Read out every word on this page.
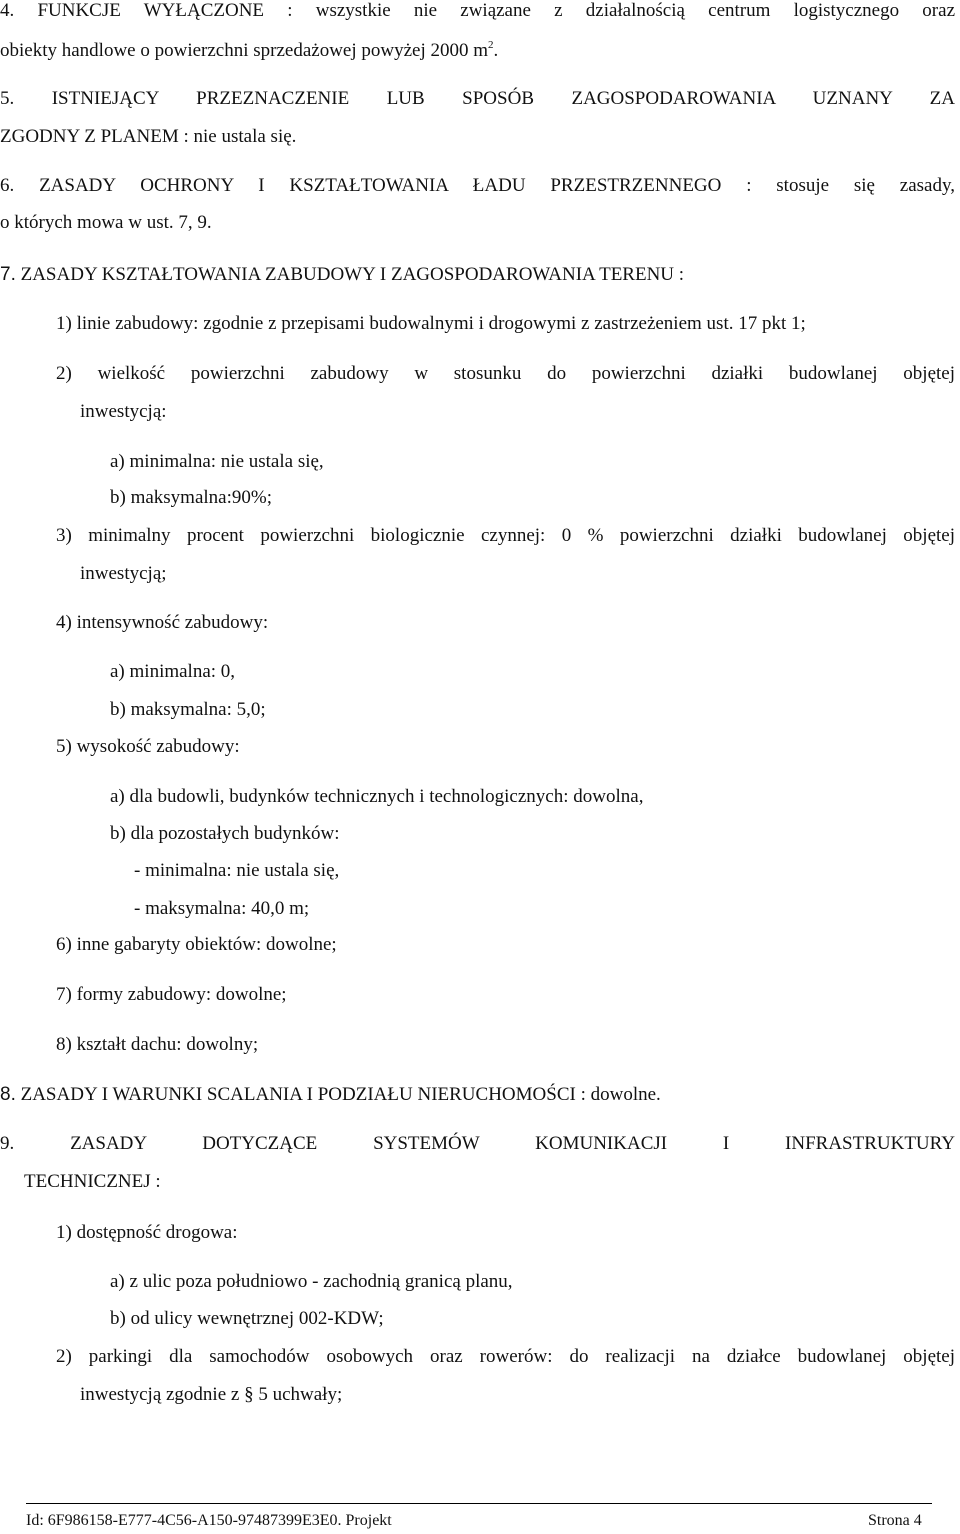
4. FUNKCJE WYŁĄCZONE : wszystkie nie związane z działalnością centrum logistycznego oraz
obiekty handlowe o powierzchni sprzedażowej powyżej 2000 $m^2$.
5. ISTNIEJĄCY PRZEZNACZENIE LUB SPOSÓB ZAGOSPODAROWANIA UZNANY ZA
ZGODNY Z PLANEM : nie ustala się.
6. ZASADY OCHRONY I KSZTAŁTOWANIA ŁADU PRZESTRZENNEGO : stosuje się zasady,
o których mowa w ust. 7, 9.
7. ZASADY KSZTAŁTOWANIA ZABUDOWY I ZAGOSPODAROWANIA TERENU :
1) linie zabudowy: zgodnie z przepisami budowalnymi i drogowymi z zastrzeżeniem ust. 17 pkt 1;
2) wielkość powierzchni zabudowy w stosunku do powierzchni działki budowlanej objętej
inwestycją:
a) minimalna: nie ustala się,
b) maksymalna:90%;
3) minimalny procent powierzchni biologicznie czynnej: 0 % powierzchni działki budowlanej objętej
inwestycją;
4) intensywność zabudowy:
a) minimalna: 0,
b) maksymalna: 5,0;
5) wysokość zabudowy:
a) dla budowli, budynków technicznych i technologicznych: dowolna,
b) dla pozostałych budynków:
- minimalna: nie ustala się,
- maksymalna: 40,0 m;
6) inne gabaryty obiektów: dowolne;
7) formy zabudowy: dowolne;
8) kształt dachu: dowolny;
8. ZASADY I WARUNKI SCALANIA I PODZIAŁU NIERUCHOMOŚCI : dowolne.
9.	ZASADY DOTYCZĄCE SYSTEMÓW KOMUNIKACJI I INFRASTRUKTURY
TECHNICZNEJ :
1) dostępność drogowa:
a) z ulic poza południowo - zachodnią granicą planu,
b) od ulicy wewnętrznej 002-KDW;
2) parkingi dla samochodów osobowych oraz rowerów: do realizacji na działce budowlanej objętej
inwestycją zgodnie z § 5 uchwały;
Id: 6F986158-E777-4C56-A150-97487399E3E0. Projekt	Strona 4
